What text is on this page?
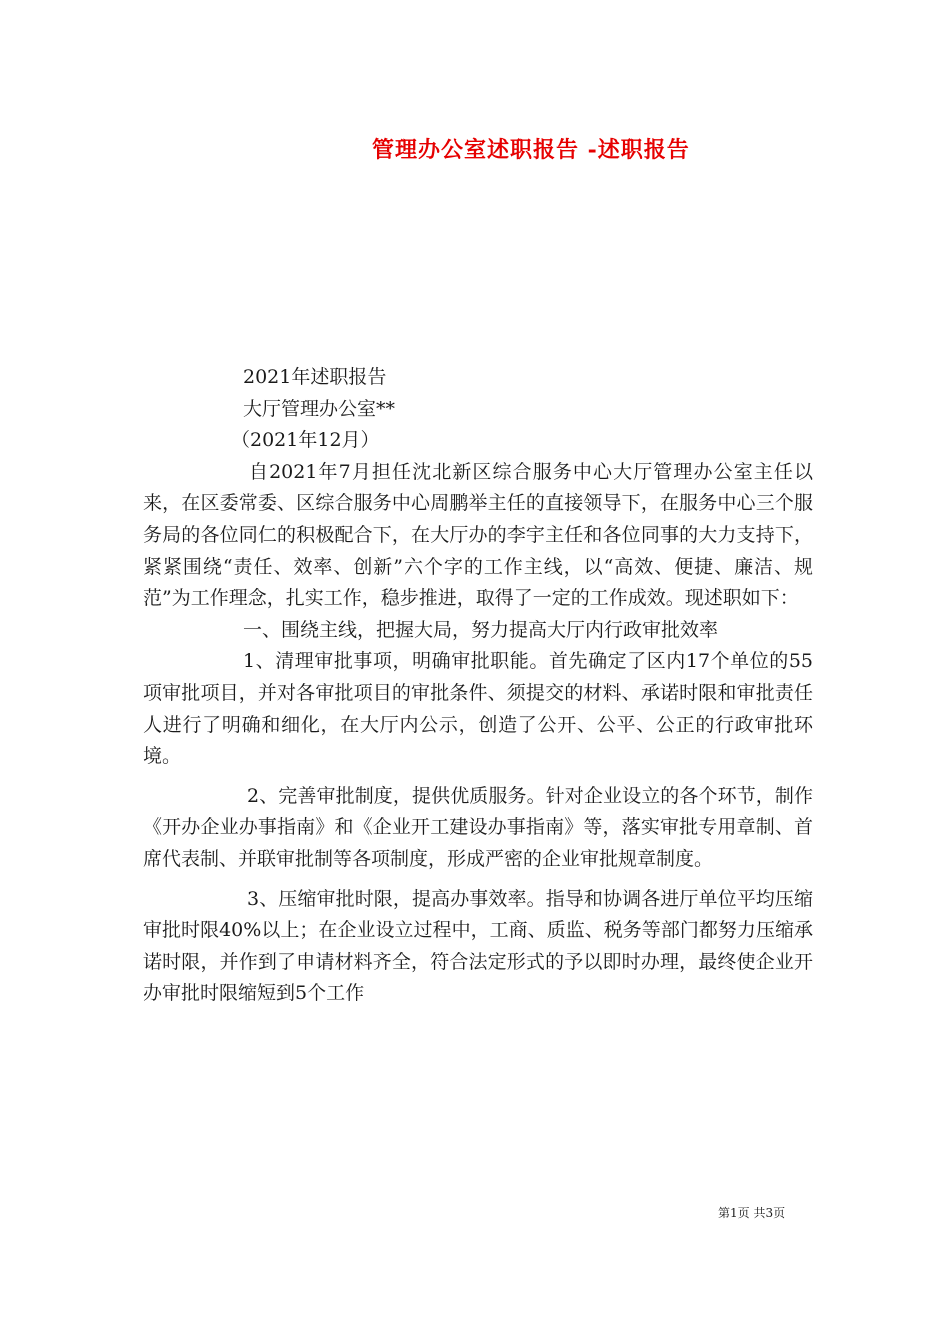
管理办公室述职报告 -述职报告

2021年述职报告

大厅管理办公室**

（2021年12月）

自2021年7月担任沈北新区综合服务中心大厅管理办公室主任以来，在区委常委、区综合服务中心周鹏举主任的直接领导下，在服务中心三个服务局的各位同仁的积极配合下，在大厅办的李宇主任和各位同事的大力支持下，紧紧围绕“责任、效率、创新”六个字的工作主线，以“高效、便捷、廉洁、规范”为工作理念，扎实工作，稳步推进，取得了一定的工作成效。现述职如下：

一、围绕主线，把握大局，努力提高大厅内行政审批效率

1、清理审批事项，明确审批职能。首先确定了区内17个单位的55项审批项目，并对各审批项目的审批条件、须提交的材料、承诺时限和审批责任人进行了明确和细化，在大厅内公示，创造了公开、公平、公正的行政审批环境。

2、完善审批制度，提供优质服务。针对企业设立的各个环节，制作《开办企业办事指南》和《企业开工建设办事指南》等，落实审批专用章制、首席代表制、并联审批制等各项制度，形成严密的企业审批规章制度。

3、压缩审批时限，提高办事效率。指导和协调各进厅单位平均压缩审批时限40%以上；在企业设立过程中，工商、质监、税务等部门都努力压缩承诺时限，并作到了申请材料齐全，符合法定形式的予以即时办理，最终使企业开办审批时限缩短到5个工作

第1页 共3页
